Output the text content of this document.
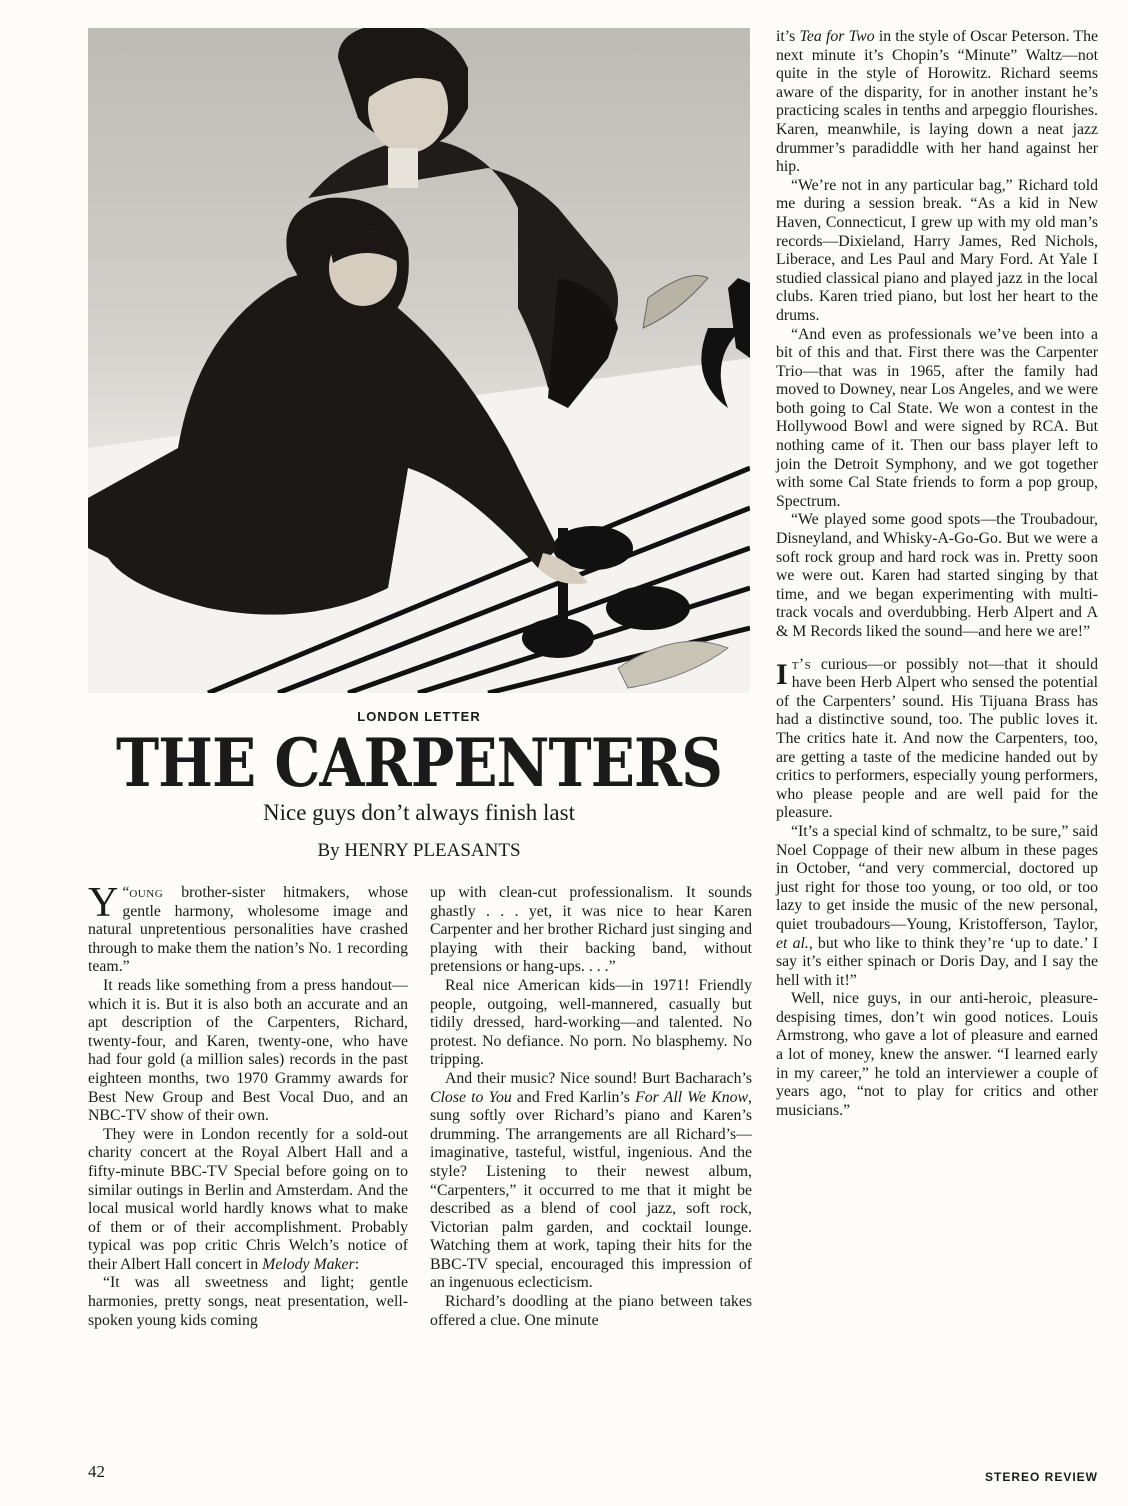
LONDON LETTER
THE CARPENTERS
Nice guys don’t always finish last
By HENRY PLEASANTS

“
Y oung brother-sister hitmakers, whose gentle harmony, wholesome image and natural unpretentious personalities have crashed through to make them the nation’s No. 1 recording team.”

It reads like something from a press handout—which it is. But it is also both an accurate and an apt description of the Carpenters, Richard, twenty-four, and Karen, twenty-one, who have had four gold (a million sales) records in the past eighteen months, two 1970 Grammy awards for Best New Group and Best Vocal Duo, and an NBC-TV show of their own.

They were in London recently for a sold-out charity concert at the Royal Albert Hall and a fifty-minute BBC-TV Special before going on to similar outings in Berlin and Amsterdam. And the local musical world hardly knows what to make of them or of their accomplishment. Probably typical was pop critic Chris Welch’s notice of their Albert Hall concert in Melody Maker:

“It was all sweetness and light; gentle harmonies, pretty songs, neat presentation, well-spoken young kids coming

up with clean-cut professionalism. It sounds ghastly . . . yet, it was nice to hear Karen Carpenter and her brother Richard just singing and playing with their backing band, without pretensions or hang-ups. . . .”

Real nice American kids—in 1971! Friendly people, outgoing, well-mannered, casually but tidily dressed, hard-working—and talented. No protest. No defiance. No porn. No blasphemy. No tripping.

And their music? Nice sound! Burt Bacharach’s Close to You and Fred Karlin’s For All We Know, sung softly over Richard’s piano and Karen’s drumming. The arrangements are all Richard’s—imaginative, tasteful, wistful, ingenious. And the style? Listening to their newest album, “Carpenters,” it occurred to me that it might be described as a blend of cool jazz, soft rock, Victorian palm garden, and cocktail lounge. Watching them at work, taping their hits for the BBC-TV special, encouraged this impression of an ingenuous eclecticism.

Richard’s doodling at the piano between takes offered a clue. One minute

it’s Tea for Two in the style of Oscar Peterson. The next minute it’s Chopin’s “Minute” Waltz—not quite in the style of Horowitz. Richard seems aware of the disparity, for in another instant he’s practicing scales in tenths and arpeggio flourishes. Karen, meanwhile, is laying down a neat jazz drummer’s paradiddle with her hand against her hip.

“We’re not in any particular bag,” Richard told me during a session break. “As a kid in New Haven, Connecticut, I grew up with my old man’s records—Dixieland, Harry James, Red Nichols, Liberace, and Les Paul and Mary Ford. At Yale I studied classical piano and played jazz in the local clubs. Karen tried piano, but lost her heart to the drums.

“And even as professionals we’ve been into a bit of this and that. First there was the Carpenter Trio—that was in 1965, after the family had moved to Downey, near Los Angeles, and we were both going to Cal State. We won a contest in the Hollywood Bowl and were signed by RCA. But nothing came of it. Then our bass player left to join the Detroit Symphony, and we got together with some Cal State friends to form a pop group, Spectrum.

“We played some good spots—the Troubadour, Disneyland, and Whisky-A-Go-Go. But we were a soft rock group and hard rock was in. Pretty soon we were out. Karen had started singing by that time, and we began experimenting with multi-track vocals and overdubbing. Herb Alpert and A & M Records liked the sound—and here we are!”

It’s curious—or possibly not—that it should have been Herb Alpert who sensed the potential of the Carpenters’ sound. His Tijuana Brass has had a distinctive sound, too. The public loves it. The critics hate it. And now the Carpenters, too, are getting a taste of the medicine handed out by critics to performers, especially young performers, who please people and are well paid for the pleasure.

“It’s a special kind of schmaltz, to be sure,” said Noel Coppage of their new album in these pages in October, “and very commercial, doctored up just right for those too young, or too old, or too lazy to get inside the music of the new personal, quiet troubadours—Young, Kristofferson, Taylor, et al., but who like to think they’re ‘up to date.’ I say it’s either spinach or Doris Day, and I say the hell with it!”

Well, nice guys, in our anti-heroic, pleasure-despising times, don’t win good notices. Louis Armstrong, who gave a lot of pleasure and earned a lot of money, knew the answer. “I learned early in my career,” he told an interviewer a couple of years ago, “not to play for critics and other musicians.”

42	STEREO REVIEW
